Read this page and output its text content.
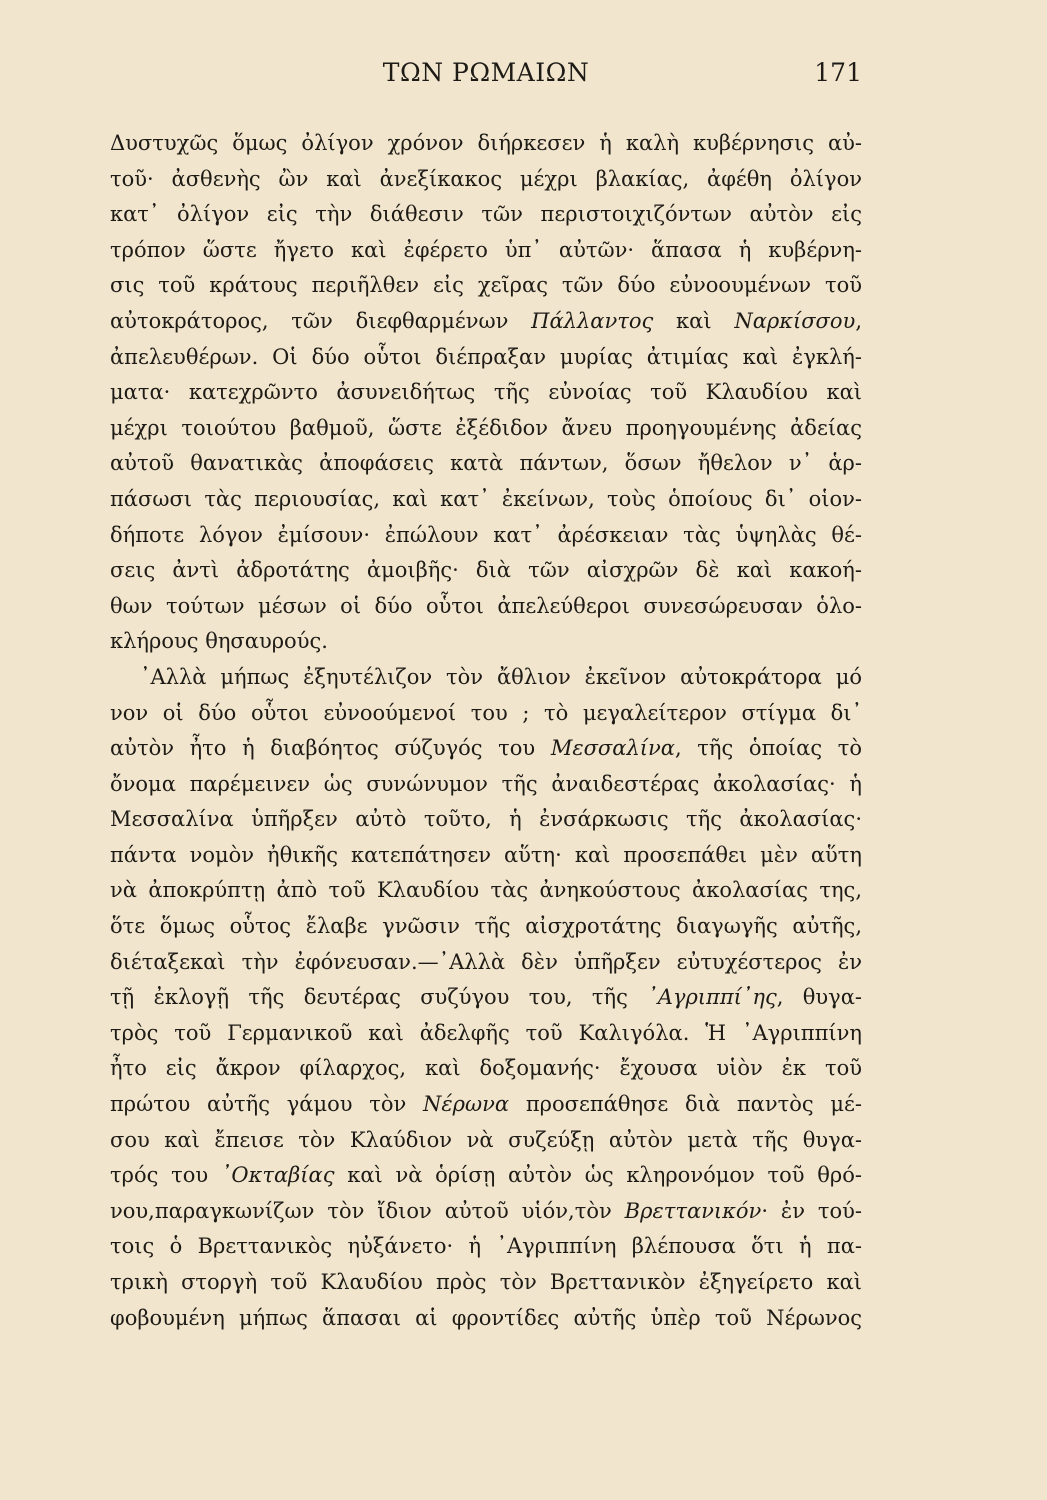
ΤΩΝ ΡΩΜΑΙΩΝ	171
Δυστυχῶς ὅμως ὀλίγον χρόνον διήρκεσεν ἡ καλὴ κυβέρνησις αὐ-
τοῦ· ἀσθενὴς ὢν καὶ ἀνεξίκακος μέχρι βλακίας, ἀφέθη ὀλίγον
κατ᾽ ὀλίγον εἰς τὴν διάθεσιν τῶν περιστοιχιζόντων αὐτὸν εἰς
τρόπον ὥστε ἤγετο καὶ ἐφέρετο ὑπ᾽ αὐτῶν· ἅπασα ἡ κυβέρνη-
σις τοῦ κράτους περιῆλθεν εἰς χεῖρας τῶν δύο εὐνοουμένων τοῦ
αὐτοκράτορος, τῶν διεφθαρμένων Πάλλαντος καὶ Ναρκίσσου,
ἀπελευθέρων. Οἱ δύο οὗτοι διέπραξαν μυρίας ἀτιμίας καὶ ἐγκλή-
ματα· κατεχρῶντο ἀσυνειδήτως τῆς εὐνοίας τοῦ Κλαυδίου καὶ
μέχρι τοιούτου βαθμοῦ, ὥστε ἐξέδιδον ἄνευ προηγουμένης ἀδείας
αὐτοῦ θανατικὰς ἀποφάσεις κατὰ πάντων, ὅσων ἤθελον ν᾽ ἁρ-
πάσωσι τὰς περιουσίας, καὶ κατ᾽ ἐκείνων, τοὺς ὁποίους δι᾽ οἱον-
δήποτε λόγον ἐμίσουν· ἐπώλουν κατ᾽ ἀρέσκειαν τὰς ὑψηλὰς θέ-
σεις ἀντὶ ἀδροτάτης ἀμοιβῆς· διὰ τῶν αἰσχρῶν δὲ καὶ κακοή-
θων τούτων μέσων οἱ δύο οὗτοι ἀπελεύθεροι συνεσώρευσαν ὁλο-
κλήρους θησαυρούς.
᾽Αλλὰ μήπως ἐξηυτέλιζον τὸν ἄθλιον ἐκεῖνον αὐτοκράτορα μό
νον οἱ δύο οὗτοι εὐνοούμενοί του ; τὸ μεγαλείτερον στίγμα δι᾽
αὐτὸν ἦτο ἡ διαβόητος σύζυγός του Μεσσαλίνα, τῆς ὁποίας τὸ
ὄνομα παρέμεινεν ὡς συνώνυμον τῆς ἀναιδεστέρας ἀκολασίας· ἡ
Μεσσαλίνα ὑπῆρξεν αὐτὸ τοῦτο, ἡ ἐνσάρκωσις τῆς ἀκολασίας·
πάντα νομὸν ἠθικῆς κατεπάτησεν αὕτη· καὶ προσεπάθει μὲν αὕτη
νὰ ἀποκρύπτῃ ἀπὸ τοῦ Κλαυδίου τὰς ἀνηκούστους ἀκολασίας της,
ὅτε ὅμως οὗτος ἔλαβε γνῶσιν τῆς αἰσχροτάτης διαγωγῆς αὐτῆς,
διέταξεκαὶ τὴν ἐφόνευσαν.—᾽Αλλὰ δὲν ὑπῆρξεν εὐτυχέστερος ἐν
τῇ ἐκλογῇ τῆς δευτέρας συζύγου του, τῆς ᾽Αγριππί᾽ης, θυγα-
τρὸς τοῦ Γερμανικοῦ καὶ ἀδελφῆς τοῦ Καλιγόλα. Ἡ ᾽Αγριππίνη
ἦτο εἰς ἄκρον φίλαρχος, καὶ δοξομανής· ἔχουσα υἱὸν ἐκ τοῦ
πρώτου αὐτῆς γάμου τὸν Νέρωνα προσεπάθησε διὰ παντὸς μέ-
σου καὶ ἔπεισε τὸν Κλαύδιον νὰ συζεύξῃ αὐτὸν μετὰ τῆς θυγα-
τρός του ᾽Οκταβίας καὶ νὰ ὁρίσῃ αὐτὸν ὡς κληρονόμον τοῦ θρό-
νου,παραγκωνίζων τὸν ἴδιον αὐτοῦ υἱόν,τὸν Βρεττανικόν· ἐν τού-
τοις ὁ Βρεττανικὸς ηὐξάνετο· ἡ ᾽Αγριππίνη βλέπουσα ὅτι ἡ πα-
τρικὴ στοργὴ τοῦ Κλαυδίου πρὸς τὸν Βρεττανικὸν ἐξηγείρετο καὶ
φοβουμένη μήπως ἅπασαι αἱ φροντίδες αὐτῆς ὑπὲρ τοῦ Νέρωνος
